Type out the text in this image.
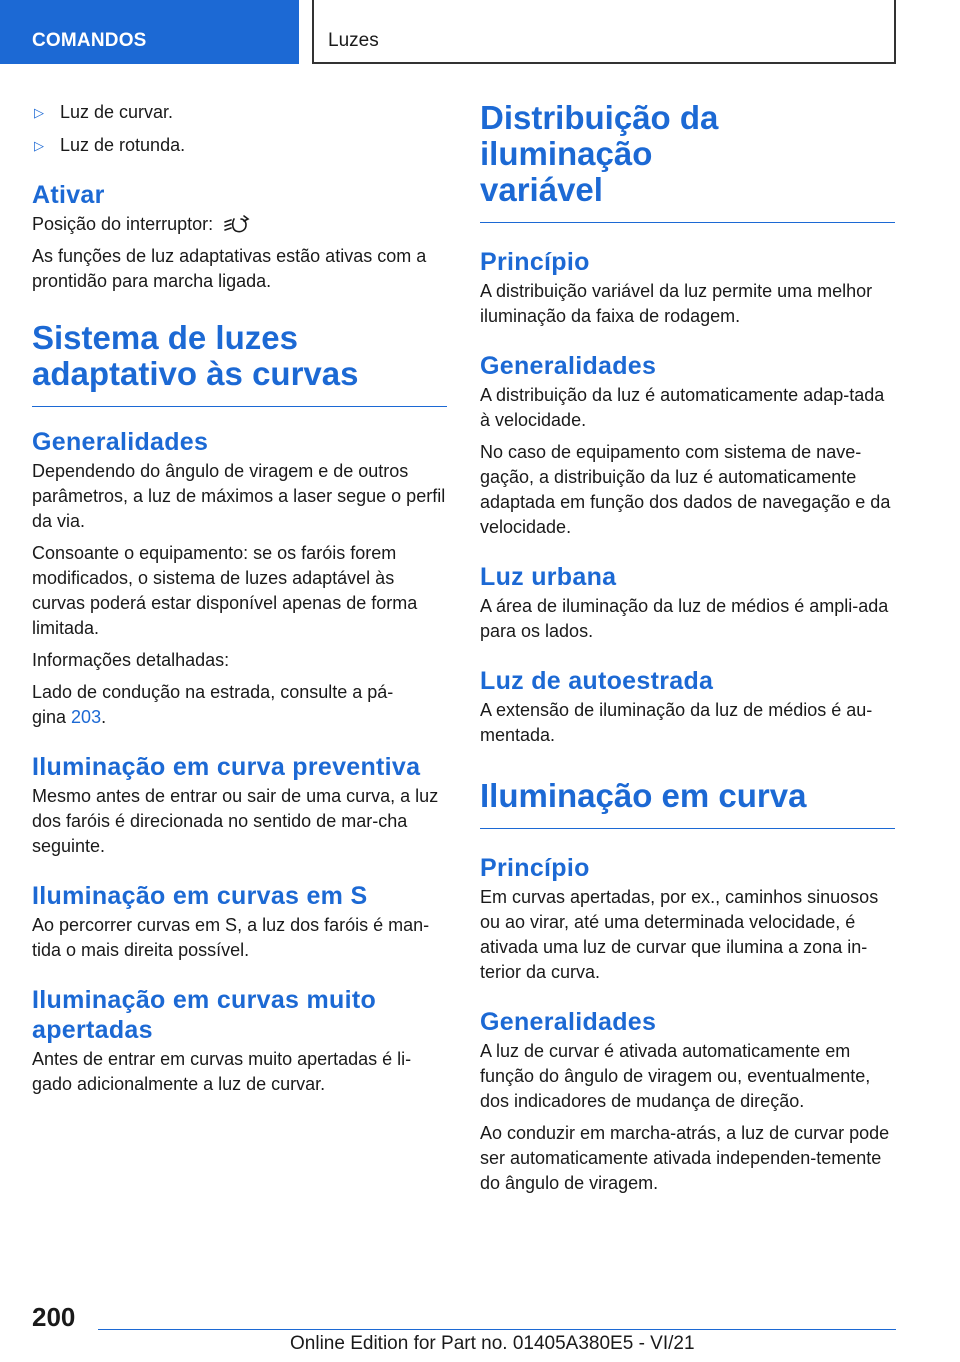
COMANDOS	Luzes
▷ Luz de curvar.
▷ Luz de rotunda.
Ativar

Posição do interruptor:

As funções de luz adaptativas estão ativas com a prontidão para marcha ligada.

Sistema de luzes
adaptativo às curvas
Generalidades

Dependendo do ângulo de viragem e de outros parâmetros, a luz de máximos a laser segue o perfil da via.

Consoante o equipamento: se os faróis forem modificados, o sistema de luzes adaptável às curvas poderá estar disponível apenas de forma limitada.

Informações detalhadas:

Lado de condução na estrada, consulte a pá-
gina 203.

Iluminação em curva preventiva

Mesmo antes de entrar ou sair de uma curva, a luz dos faróis é direcionada no sentido de mar-cha seguinte.

Iluminação em curvas em S

Ao percorrer curvas em S, a luz dos faróis é man-tida o mais direita possível.

Iluminação em curvas muito
apertadas

Antes de entrar em curvas muito apertadas é li-gado adicionalmente a luz de curvar.

Distribuição da iluminação
variável
Princípio

A distribuição variável da luz permite uma melhor iluminação da faixa de rodagem.

Generalidades

A distribuição da luz é automaticamente adap-tada à velocidade.

No caso de equipamento com sistema de nave-gação, a distribuição da luz é automaticamente adaptada em função dos dados de navegação e da velocidade.

Luz urbana

A área de iluminação da luz de médios é ampli-ada para os lados.

Luz de autoestrada

A extensão de iluminação da luz de médios é au-mentada.

Iluminação em curva
Princípio

Em curvas apertadas, por ex., caminhos sinuosos ou ao virar, até uma determinada velocidade, é ativada uma luz de curvar que ilumina a zona in-terior da curva.

Generalidades

A luz de curvar é ativada automaticamente em função do ângulo de viragem ou, eventualmente, dos indicadores de mudança de direção.

Ao conduzir em marcha-atrás, a luz de curvar pode ser automaticamente ativada independen-temente do ângulo de viragem.

200
Online Edition for Part no. 01405A380E5 - VI/21
